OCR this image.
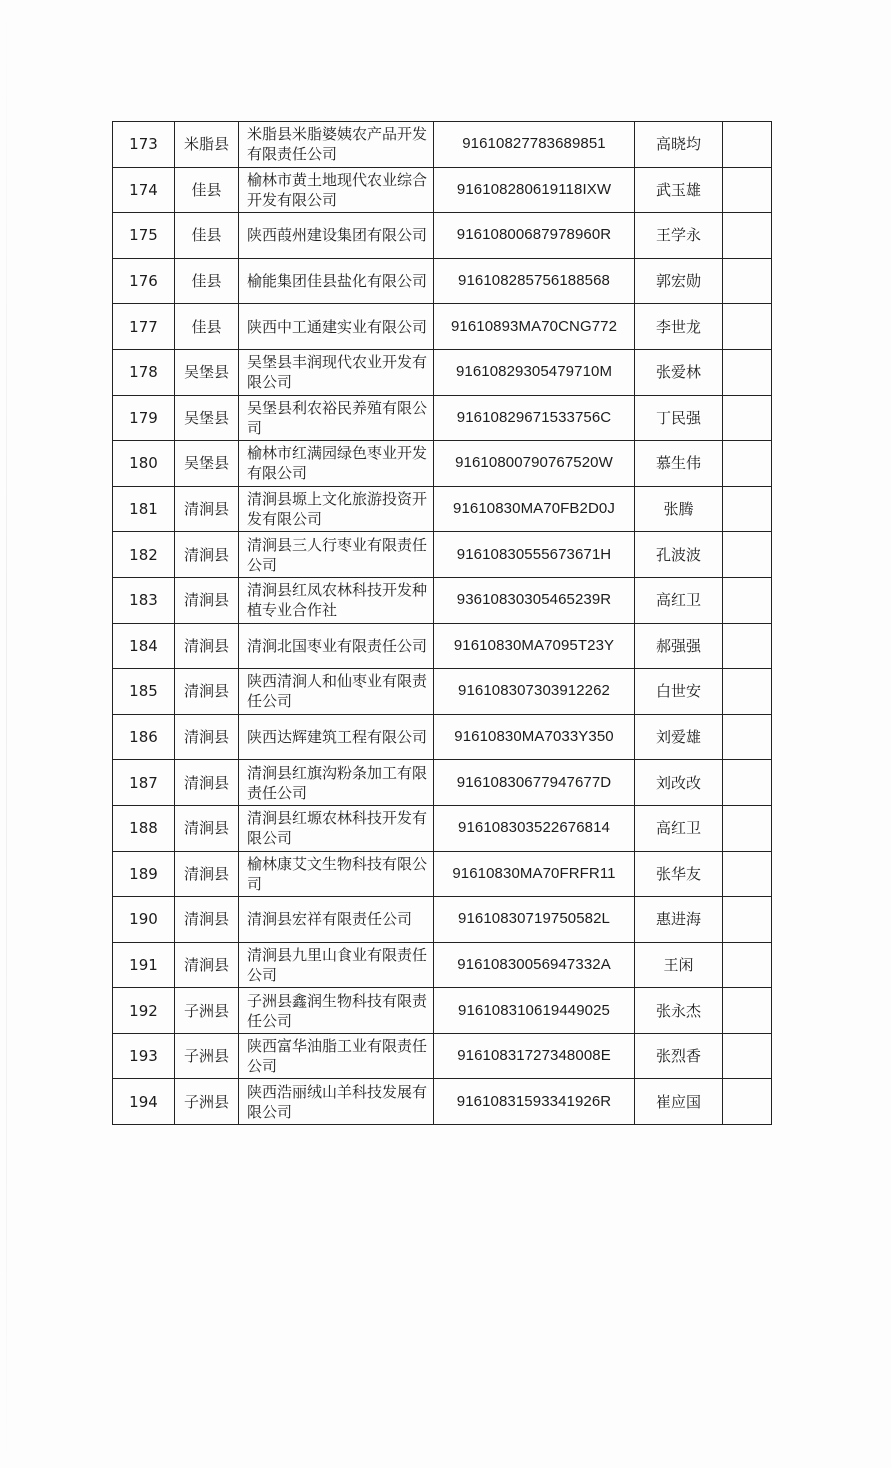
173	米脂县	米脂县米脂婆姨农产品开发有限责任公司	91610827783689851	高晓均	
174	佳县	榆林市黄土地现代农业综合开发有限公司	916108280619118IXW	武玉雄	
175	佳县	陕西葭州建设集团有限公司	91610800687978960R	王学永	
176	佳县	榆能集团佳县盐化有限公司	916108285756188568	郭宏勋	
177	佳县	陕西中工通建实业有限公司	91610893MA70CNG772	李世龙	
178	吴堡县	吴堡县丰润现代农业开发有限公司	91610829305479710M	张爱林	
179	吴堡县	吴堡县利农裕民养殖有限公司	91610829671533756C	丁民强	
180	吴堡县	榆林市红满园绿色枣业开发有限公司	91610800790767520W	慕生伟	
181	清涧县	清涧县塬上文化旅游投资开发有限公司	91610830MA70FB2D0J	张腾	
182	清涧县	清涧县三人行枣业有限责任公司	91610830555673671H	孔波波	
183	清涧县	清涧县红凤农林科技开发种植专业合作社	93610830305465239R	高红卫	
184	清涧县	清涧北国枣业有限责任公司	91610830MA7095T23Y	郝强强	
185	清涧县	陕西清涧人和仙枣业有限责任公司	916108307303912262	白世安	
186	清涧县	陕西达辉建筑工程有限公司	91610830MA7033Y350	刘爱雄	
187	清涧县	清涧县红旗沟粉条加工有限责任公司	91610830677947677D	刘改改	
188	清涧县	清涧县红塬农林科技开发有限公司	916108303522676814	高红卫	
189	清涧县	榆林康艾文生物科技有限公司	91610830MA70FRFR11	张华友	
190	清涧县	清涧县宏祥有限责任公司	91610830719750582L	惠进海	
191	清涧县	清涧县九里山食业有限责任公司	91610830056947332A	王闲	
192	子洲县	子洲县鑫润生物科技有限责任公司	916108310619449025	张永杰	
193	子洲县	陕西富华油脂工业有限责任公司	91610831727348008E	张烈香	
194	子洲县	陕西浩丽绒山羊科技发展有限公司	91610831593341926R	崔应国	
